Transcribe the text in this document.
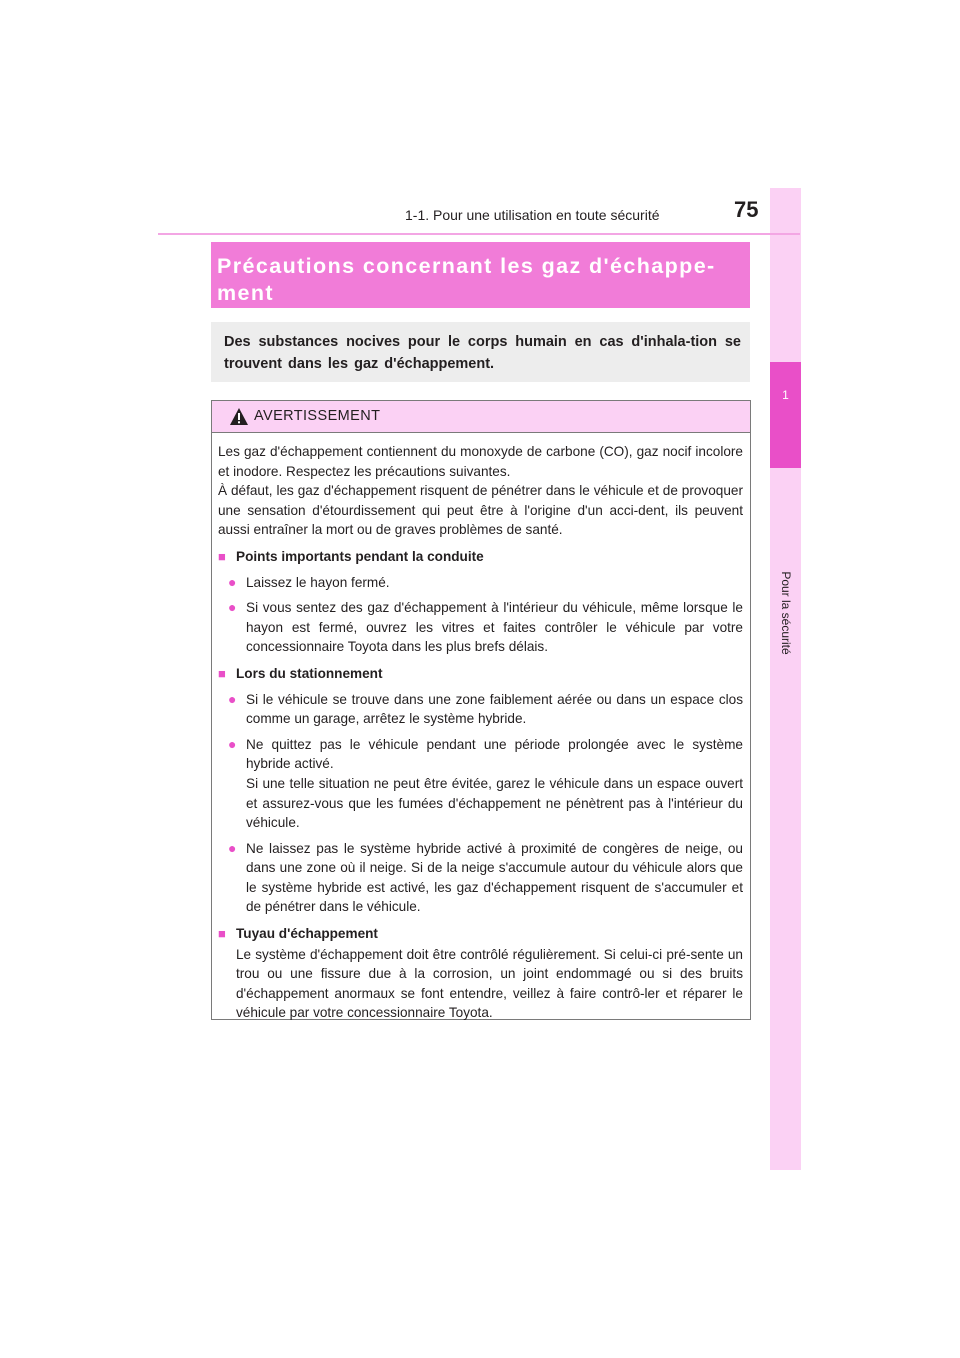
1
Pour la sécurité
1-1. Pour une utilisation en toute sécurité	75
Précautions concernant les gaz d'échappe-ment
Des substances nocives pour le corps humain en cas d'inhala-tion se trouvent dans les gaz d'échappement.
AVERTISSEMENT

Les gaz d'échappement contiennent du monoxyde de carbone (CO), gaz nocif incolore et inodore. Respectez les précautions suivantes.

À défaut, les gaz d'échappement risquent de pénétrer dans le véhicule et de provoquer une sensation d'étourdissement qui peut être à l'origine d'un acci-dent, ils peuvent aussi entraîner la mort ou de graves problèmes de santé.

■ Points importants pendant la conduite
● Laissez le hayon fermé.
● Si vous sentez des gaz d'échappement à l'intérieur du véhicule, même lorsque le hayon est fermé, ouvrez les vitres et faites contrôler le véhicule par votre concessionnaire Toyota dans les plus brefs délais.
■ Lors du stationnement
● Si le véhicule se trouve dans une zone faiblement aérée ou dans un espace clos comme un garage, arrêtez le système hybride.
● Ne quittez pas le véhicule pendant une période prolongée avec le système hybride activé.
Si une telle situation ne peut être évitée, garez le véhicule dans un espace ouvert et assurez-vous que les fumées d'échappement ne pénètrent pas à l'intérieur du véhicule.
● Ne laissez pas le système hybride activé à proximité de congères de neige, ou dans une zone où il neige. Si de la neige s'accumule autour du véhicule alors que le système hybride est activé, les gaz d'échappement risquent de s'accumuler et de pénétrer dans le véhicule.
■ Tuyau d'échappement

Le système d'échappement doit être contrôlé régulièrement. Si celui-ci pré-sente un trou ou une fissure due à la corrosion, un joint endommagé ou si des bruits d'échappement anormaux se font entendre, veillez à faire contrô-ler et réparer le véhicule par votre concessionnaire Toyota.
